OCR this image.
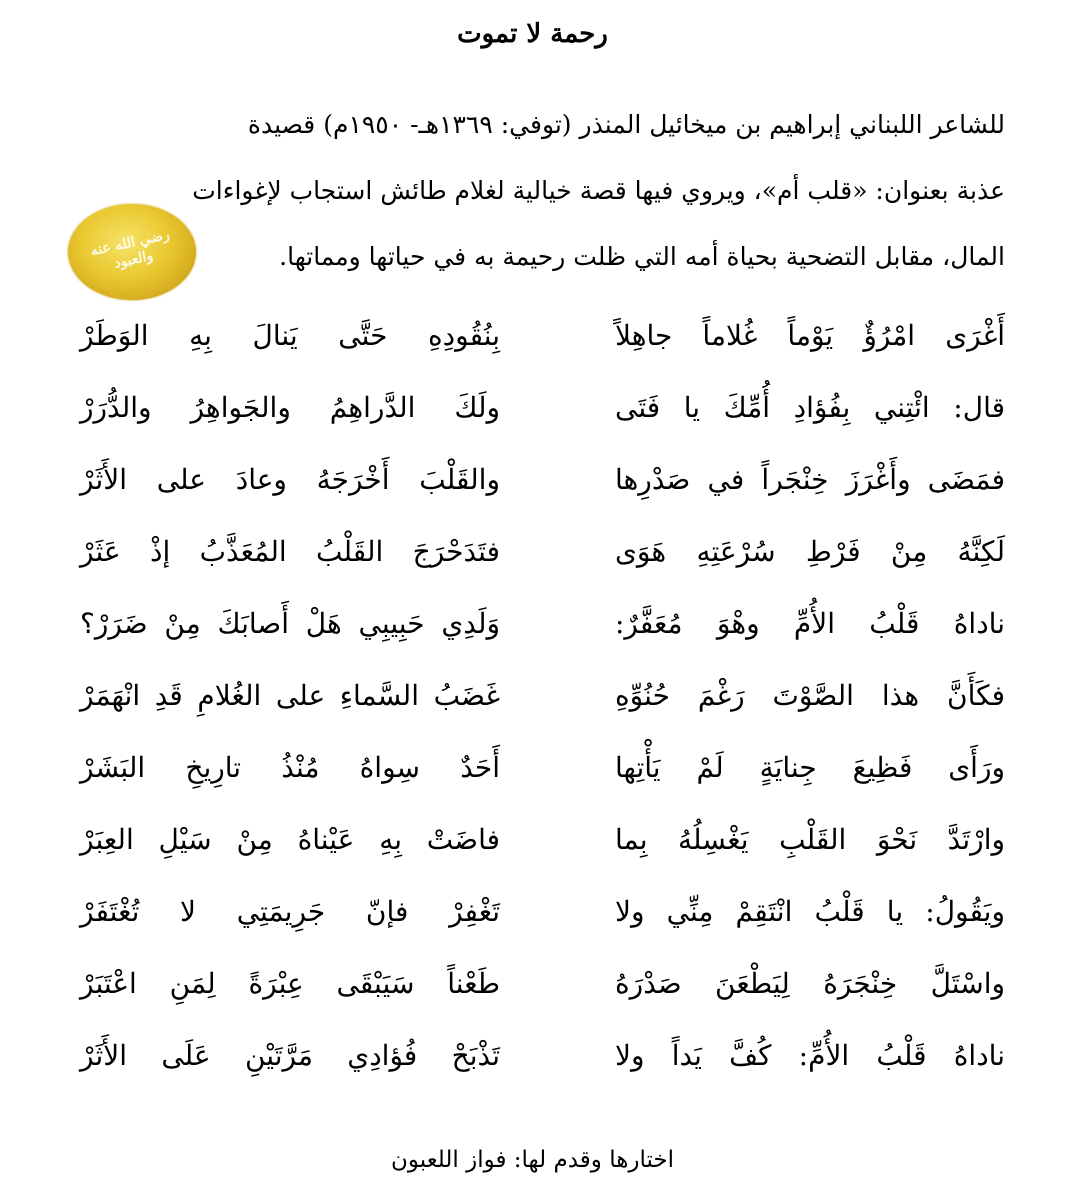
رحمة لا تموت
للشاعر اللبناني إبراهيم بن ميخائيل المنذر (توفي: ١٣٦٩هـ- ١٩٥٠م) قصيدة
عذبة بعنوان: «قلب أم»، ويروي فيها قصة خيالية لغلام طائش استجاب لإغواءات
المال، مقابل التضحية بحياة أمه التي ظلت رحيمة به في حياتها ومماتها.
رضي الله عنه والعبود
أَغْرَى امْرُؤٌ يَوْماً غُلاماً جاهِلاً
بِنُقُودِهِ حَتَّى يَنالَ بِهِ الوَطَرْ
قال: ائْتِني بِفُؤادِ أُمِّكَ يا فَتَى
ولَكَ الدَّراهِمُ والجَواهِرُ والدُّرَرْ
فمَضَى وأَغْرَزَ خِنْجَراً في صَدْرِها
والقَلْبَ أَخْرَجَهُ وعادَ على الأَثَرْ
لَكِنَّهُ مِنْ فَرْطِ سُرْعَتِهِ هَوَى
فتَدَحْرَجَ القَلْبُ المُعَذَّبُ إذْ عَثَرْ
ناداهُ قَلْبُ الأُمِّ وهْوَ مُعَفَّرٌ:
وَلَدِي حَبِيبِي هَلْ أَصابَكَ مِنْ ضَرَرْ؟
فكَأَنَّ هذا الصَّوْتَ رَغْمَ حُنُوِّهِ
غَضَبُ السَّماءِ على الغُلامِ قَدِ انْهَمَرْ
ورَأَى فَظِيعَ جِنايَةٍ لَمْ يَأْتِها
أَحَدٌ سِواهُ مُنْذُ تارِيخِ البَشَرْ
وارْتَدَّ نَحْوَ القَلْبِ يَغْسِلُهُ بِما
فاضَتْ بِهِ عَيْناهُ مِنْ سَيْلِ العِبَرْ
ويَقُولُ: يا قَلْبُ انْتَقِمْ مِنِّي ولا
تَغْفِرْ فإنّ جَرِيمَتِي لا تُغْتَفَرْ
واسْتَلَّ خِنْجَرَهُ لِيَطْعَنَ صَدْرَهُ
طَعْناً سَيَبْقَى عِبْرَةً لِمَنِ اعْتَبَرْ
ناداهُ قَلْبُ الأُمِّ: كُفَّ يَداً ولا
تَذْبَحْ فُؤادِي مَرَّتَيْنِ عَلَى الأَثَرْ
اختارها وقدم لها: فواز اللعبون
